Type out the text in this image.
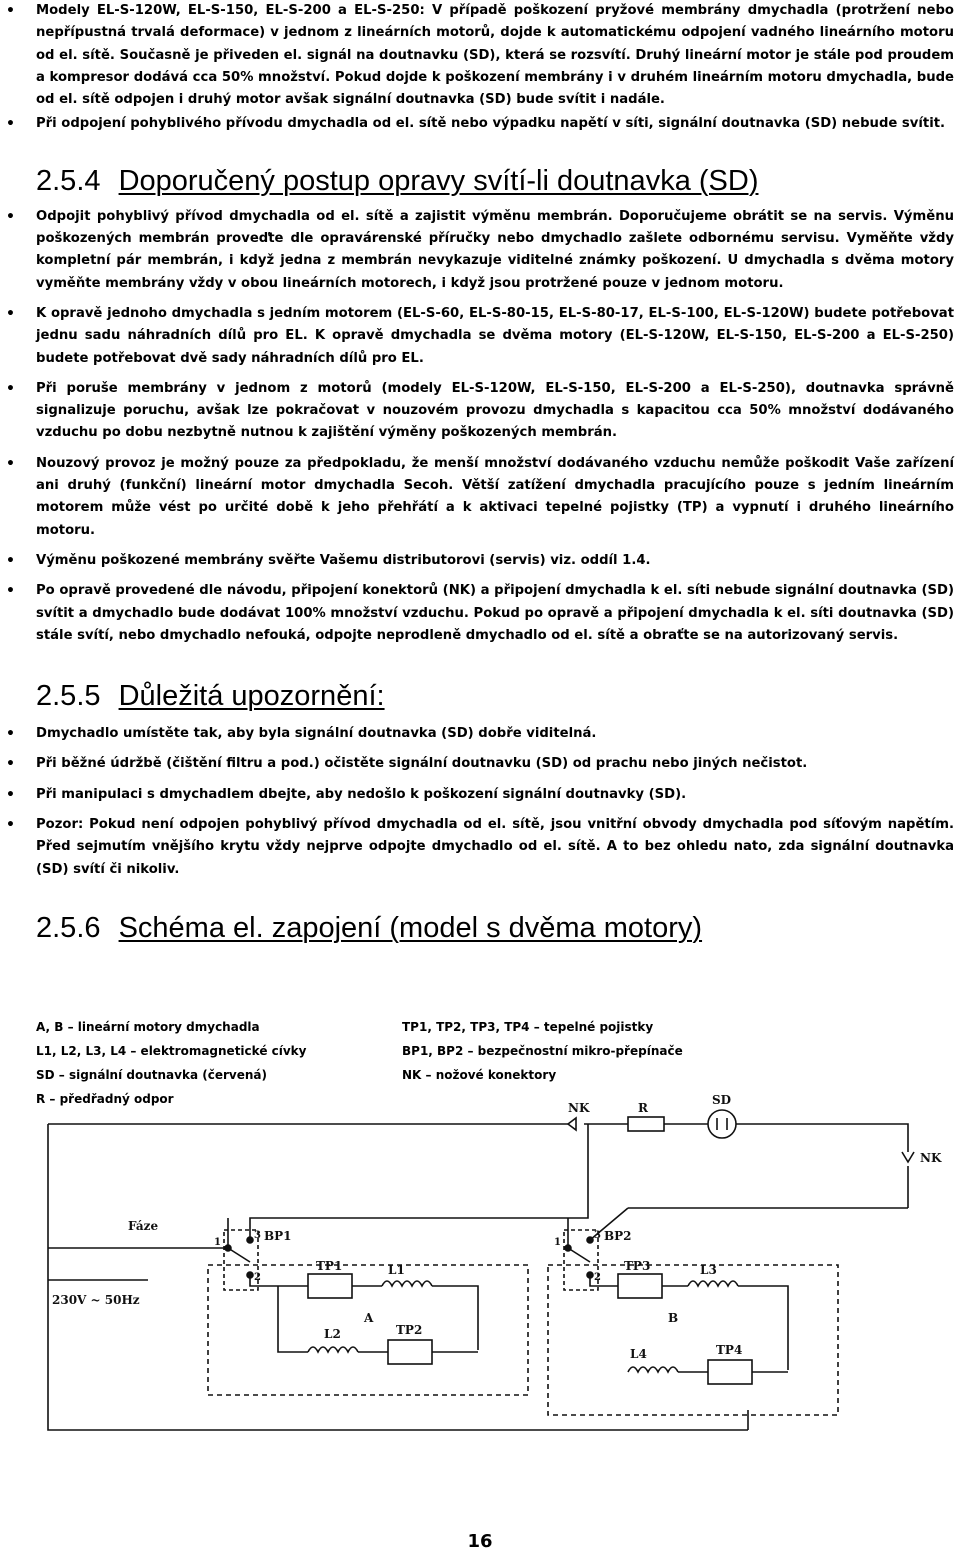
• Modely EL-S-120W, EL-S-150, EL-S-200 a EL-S-250: V případě poškození pryžové membrány dmychadla (protržení nebo nepřípustná trvalá deformace) v jednom z lineárních motorů, dojde k automatickému odpojení vadného lineárního motoru od el. sítě. Současně je přiveden el. signál na doutnavku (SD), která se rozsvítí. Druhý lineární motor je stále pod proudem a kompresor dodává cca 50% množství. Pokud dojde k poškození membrány i v druhém lineárním motoru dmychadla, bude od el. sítě odpojen i druhý motor avšak signální doutnavka (SD) bude svítit i nadále.
• Při odpojení pohyblivého přívodu dmychadla od el. sítě nebo výpadku napětí v síti, signální doutnavka (SD) nebude svítit.
2.5.4 Doporučený postup opravy svítí-li doutnavka (SD)
• Odpojit pohyblivý přívod dmychadla od el. sítě a zajistit výměnu membrán. Doporučujeme obrátit se na servis. Výměnu poškozených membrán proveďte dle opravárenské příručky nebo dmychadlo zašlete odbornému servisu. Vyměňte vždy kompletní pár membrán, i když jedna z membrán nevykazuje viditelné známky poškození. U dmychadla s dvěma motory vyměňte membrány vždy v obou lineárních motorech, i když jsou protržené pouze v jednom motoru.
• K opravě jednoho dmychadla s jedním motorem (EL-S-60, EL-S-80-15, EL-S-80-17, EL-S-100, EL-S-120W) budete potřebovat jednu sadu náhradních dílů pro EL. K opravě dmychadla se dvěma motory (EL-S-120W, EL-S-150, EL-S-200 a EL-S-250) budete potřebovat dvě sady náhradních dílů pro EL.
• Při poruše membrány v jednom z motorů (modely EL-S-120W, EL-S-150, EL-S-200 a EL-S-250), doutnavka správně signalizuje poruchu, avšak lze pokračovat v nouzovém provozu dmychadla s kapacitou cca 50% množství dodávaného vzduchu po dobu nezbytně nutnou k zajištění výměny poškozených membrán.
• Nouzový provoz je možný pouze za předpokladu, že menší množství dodávaného vzduchu nemůže poškodit Vaše zařízení ani druhý (funkční) lineární motor dmychadla Secoh. Větší zatížení dmychadla pracujícího pouze s jedním lineárním motorem může vést po určité době k jeho přehřátí a k aktivaci tepelné pojistky (TP) a vypnutí i druhého lineárního motoru.
• Výměnu poškozené membrány svěřte Vašemu distributorovi (servis) viz. oddíl 1.4.
• Po opravě provedené dle návodu, připojení konektorů (NK) a připojení dmychadla k el. síti nebude signální doutnavka (SD) svítit a dmychadlo bude dodávat 100% množství vzduchu. Pokud po opravě a připojení dmychadla k el. síti doutnavka (SD) stále svítí, nebo dmychadlo nefouká, odpojte neprodleně dmychadlo od el. sítě a obraťte se na autorizovaný servis.
2.5.5 Důležitá upozornění:
• Dmychadlo umístěte tak, aby byla signální doutnavka (SD) dobře viditelná.
• Při běžné údržbě (čištění filtru a pod.) očistěte signální doutnavku (SD) od prachu nebo jiných nečistot.
• Při manipulaci s dmychadlem dbejte, aby nedošlo k poškození signální doutnavky (SD).
• Pozor: Pokud není odpojen pohyblivý přívod dmychadla od el. sítě, jsou vnitřní obvody dmychadla pod síťovým napětím. Před sejmutím vnějšího krytu vždy nejprve odpojte dmychadlo od el. sítě. A to bez ohledu nato, zda signální doutnavka (SD) svítí či nikoliv.
2.5.6 Schéma el. zapojení (model s dvěma motory)
A, B – lineární motory dmychadla
L1, L2, L3, L4 – elektromagnetické cívky
SD – signální doutnavka (červená)
R – předřadný odpor
TP1, TP2, TP3, TP4 – tepelné pojistky
BP1, BP2 – bezpečnostní mikro-přepínače
NK – nožové konektory
NK	R
SD
NK
Fáze
230V ~ 50Hz
BP1	BP2
TP1
TP2
TP3
TP4
L1
L2
L3
L4
A	B
1
2
3
1
2
3
16
